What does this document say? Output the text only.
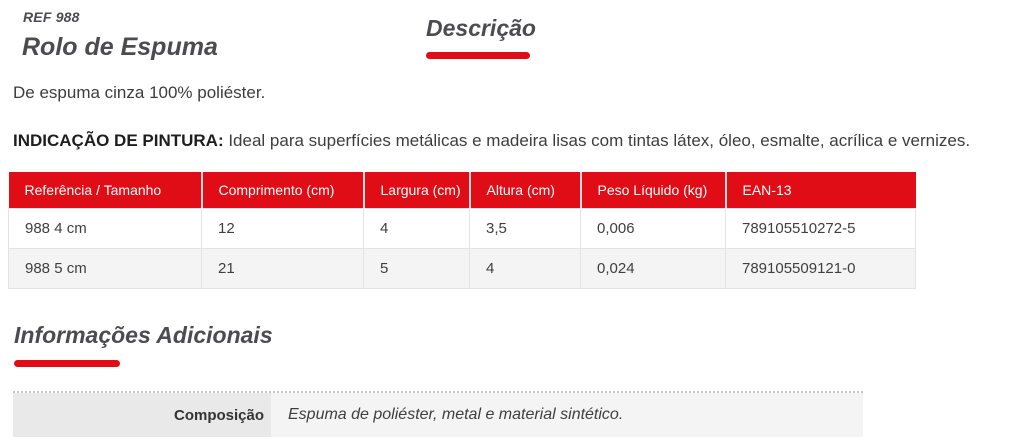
REF 988
Rolo de Espuma
Descrição

De espuma cinza 100% poliéster.

INDICAÇÃO DE PINTURA: Ideal para superfícies metálicas e madeira lisas com tintas látex, óleo, esmalte, acrílica e vernizes.

Referência / Tamanho	Comprimento (cm)	Largura (cm)	Altura (cm)	Peso Líquido (kg)	EAN-13
988 4 cm	12	4	3,5	0,006	789105510272-5
988 5 cm	21	5	4	0,024	789105509121-0
Informações Adicionais
Composição	Espuma de poliéster, metal e material sintético.
